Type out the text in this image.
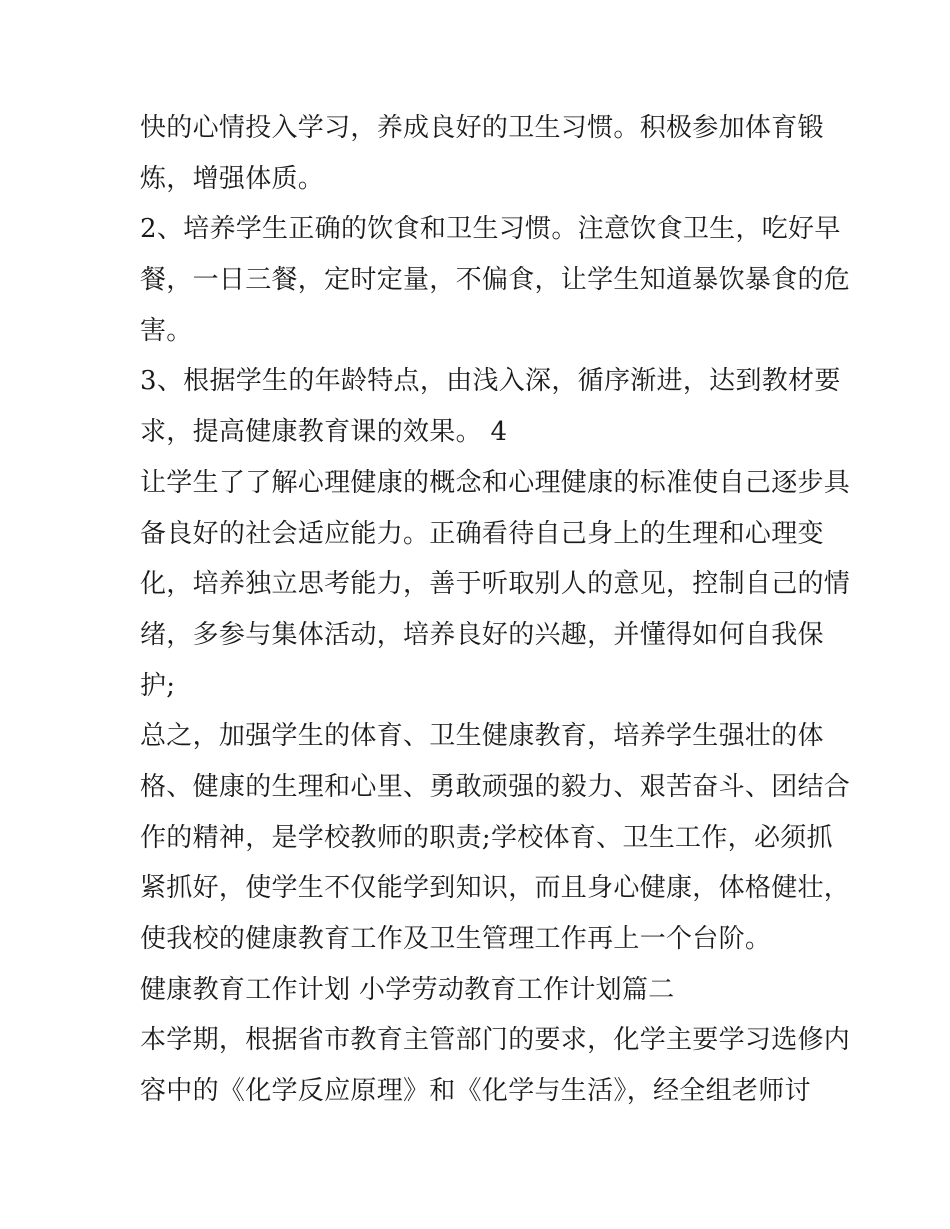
快的心情投入学习，养成良好的卫生习惯。积极参加体育锻
炼，增强体质。
2、培养学生正确的饮食和卫生习惯。注意饮食卫生，吃好早
餐，一日三餐，定时定量，不偏食，让学生知道暴饮暴食的危
害。
3、根据学生的年龄特点，由浅入深，循序渐进，达到教材要
求，提高健康教育课的效果。 4
让学生了了解心理健康的概念和心理健康的标准使自己逐步具
备良好的社会适应能力。正确看待自己身上的生理和心理变
化，培养独立思考能力，善于听取别人的意见，控制自己的情
绪，多参与集体活动，培养良好的兴趣，并懂得如何自我保
护;
总之，加强学生的体育、卫生健康教育，培养学生强壮的体
格、健康的生理和心里、勇敢顽强的毅力、艰苦奋斗、团结合
作的精神，是学校教师的职责;学校体育、卫生工作，必须抓
紧抓好，使学生不仅能学到知识，而且身心健康，体格健壮，
使我校的健康教育工作及卫生管理工作再上一个台阶。
健康教育工作计划 小学劳动教育工作计划篇二
本学期，根据省市教育主管部门的要求，化学主要学习选修内
容中的《化学反应原理》和《化学与生活》，经全组老师讨
